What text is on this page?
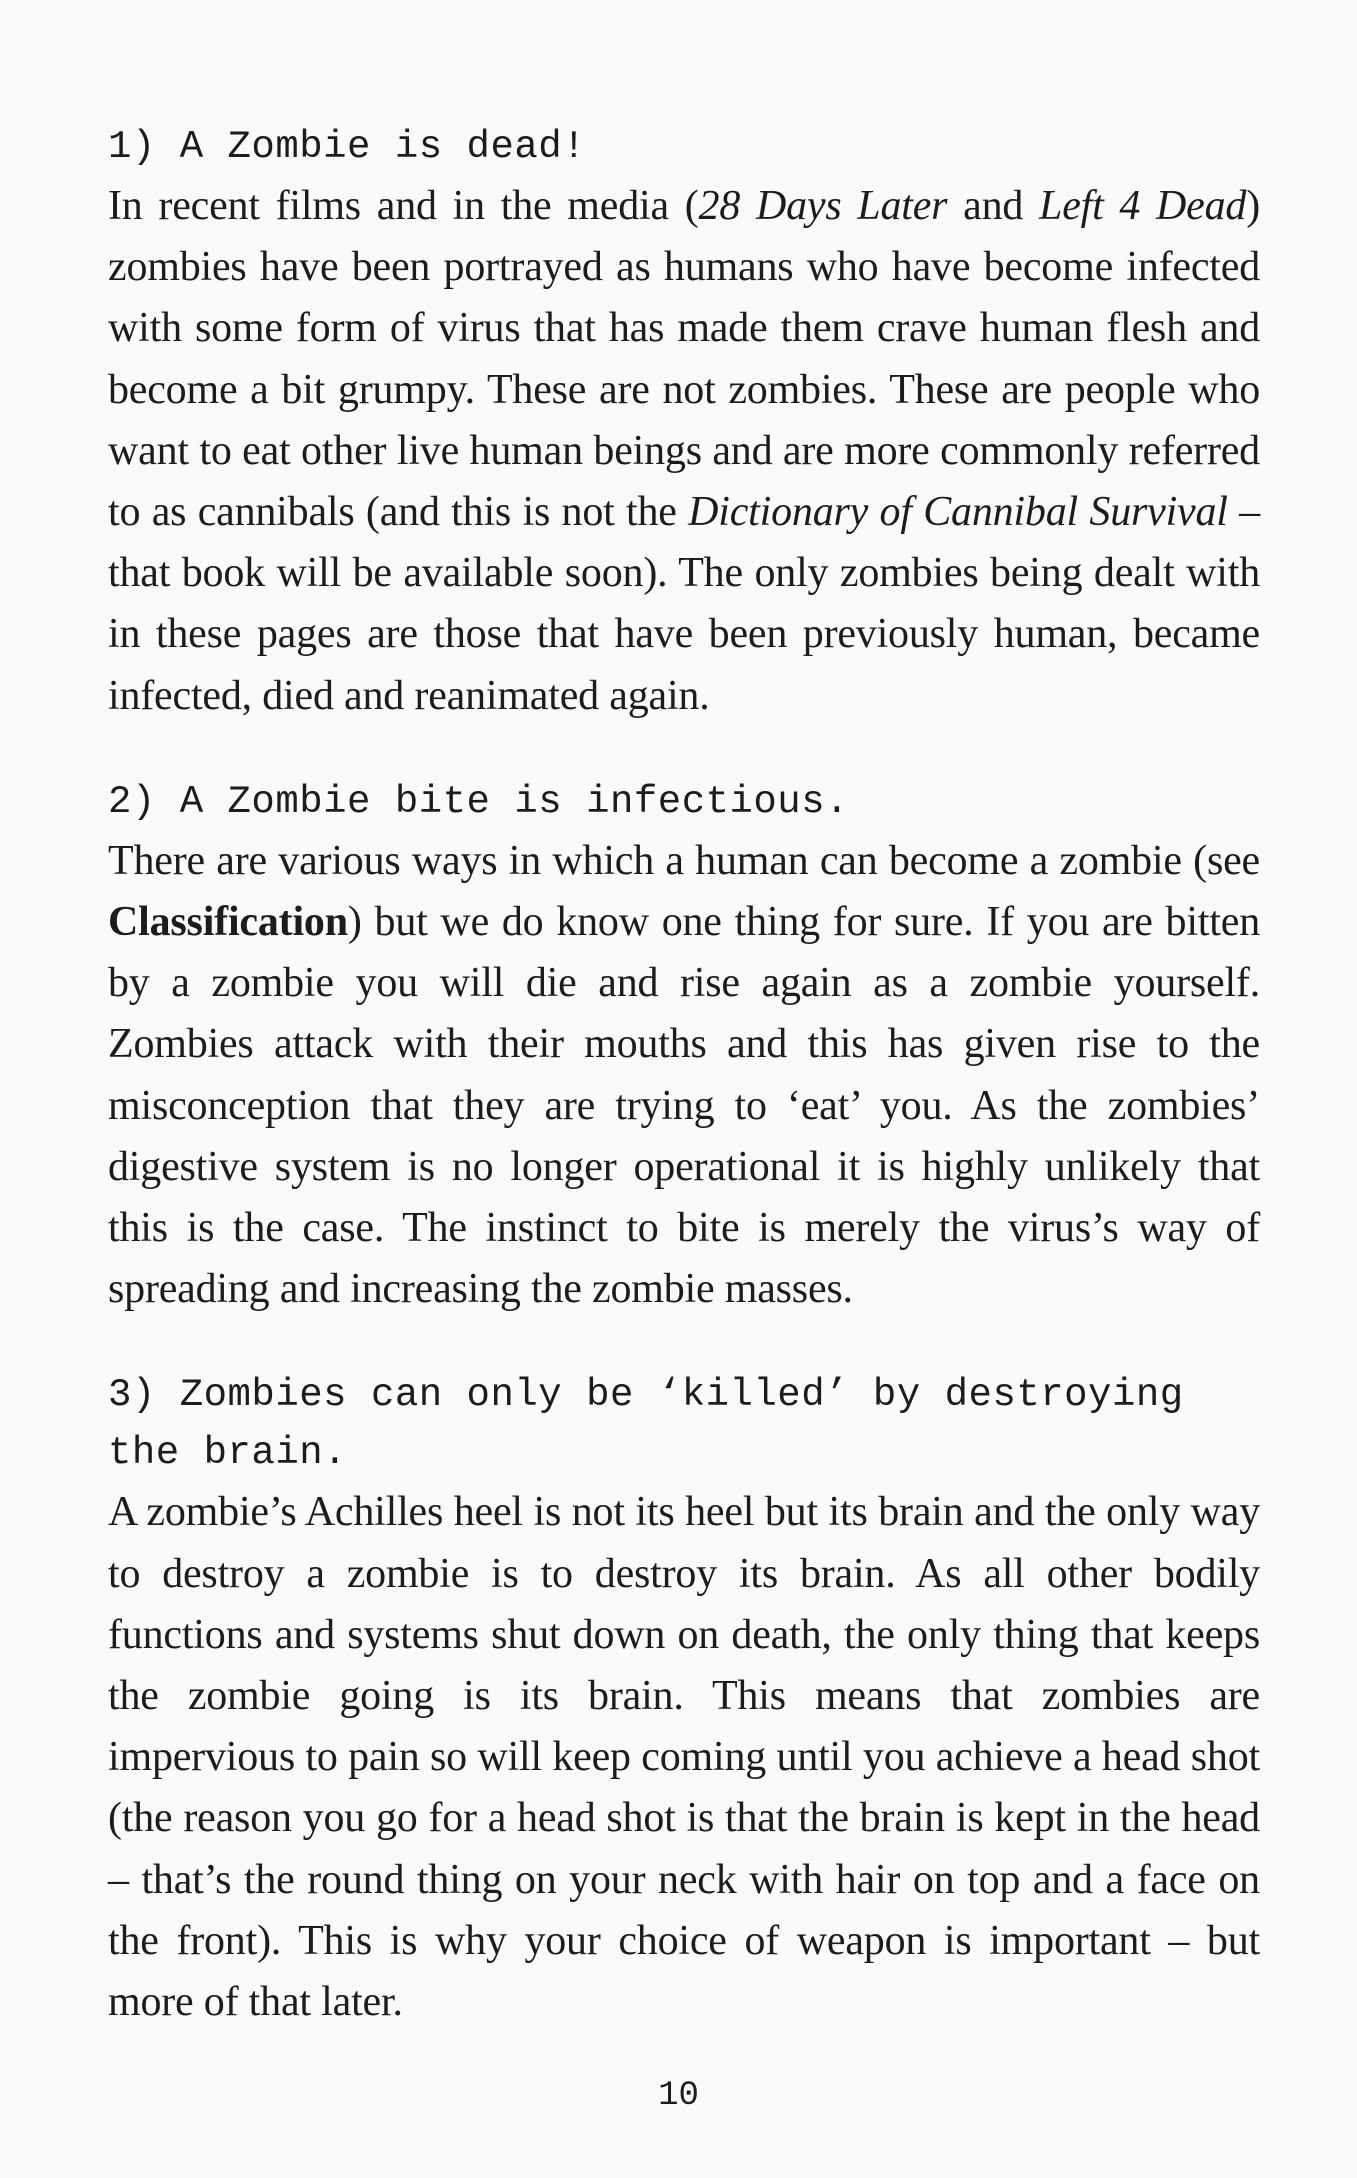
1) A Zombie is dead!

In recent films and in the media (28 Days Later and Left 4 Dead) zombies have been portrayed as humans who have become infected with some form of virus that has made them crave human flesh and become a bit grumpy. These are not zombies. These are people who want to eat other live human beings and are more commonly referred to as cannibals (and this is not the Dictionary of Cannibal Survival – that book will be available soon). The only zombies being dealt with in these pages are those that have been previously human, became infected, died and reanimated again.

2) A Zombie bite is infectious.

There are various ways in which a human can become a zombie (see Classification) but we do know one thing for sure. If you are bitten by a zombie you will die and rise again as a zombie yourself. Zombies attack with their mouths and this has given rise to the misconception that they are trying to ‘eat’ you. As the zombies’ digestive system is no longer operational it is highly unlikely that this is the case. The instinct to bite is merely the virus’s way of spreading and increasing the zombie masses.

3) Zombies can only be ‘killed’ by destroying the brain.

A zombie’s Achilles heel is not its heel but its brain and the only way to destroy a zombie is to destroy its brain. As all other bodily functions and systems shut down on death, the only thing that keeps the zombie going is its brain. This means that zombies are impervious to pain so will keep coming until you achieve a head shot (the reason you go for a head shot is that the brain is kept in the head – that’s the round thing on your neck with hair on top and a face on the front). This is why your choice of weapon is important – but more of that later.

10
